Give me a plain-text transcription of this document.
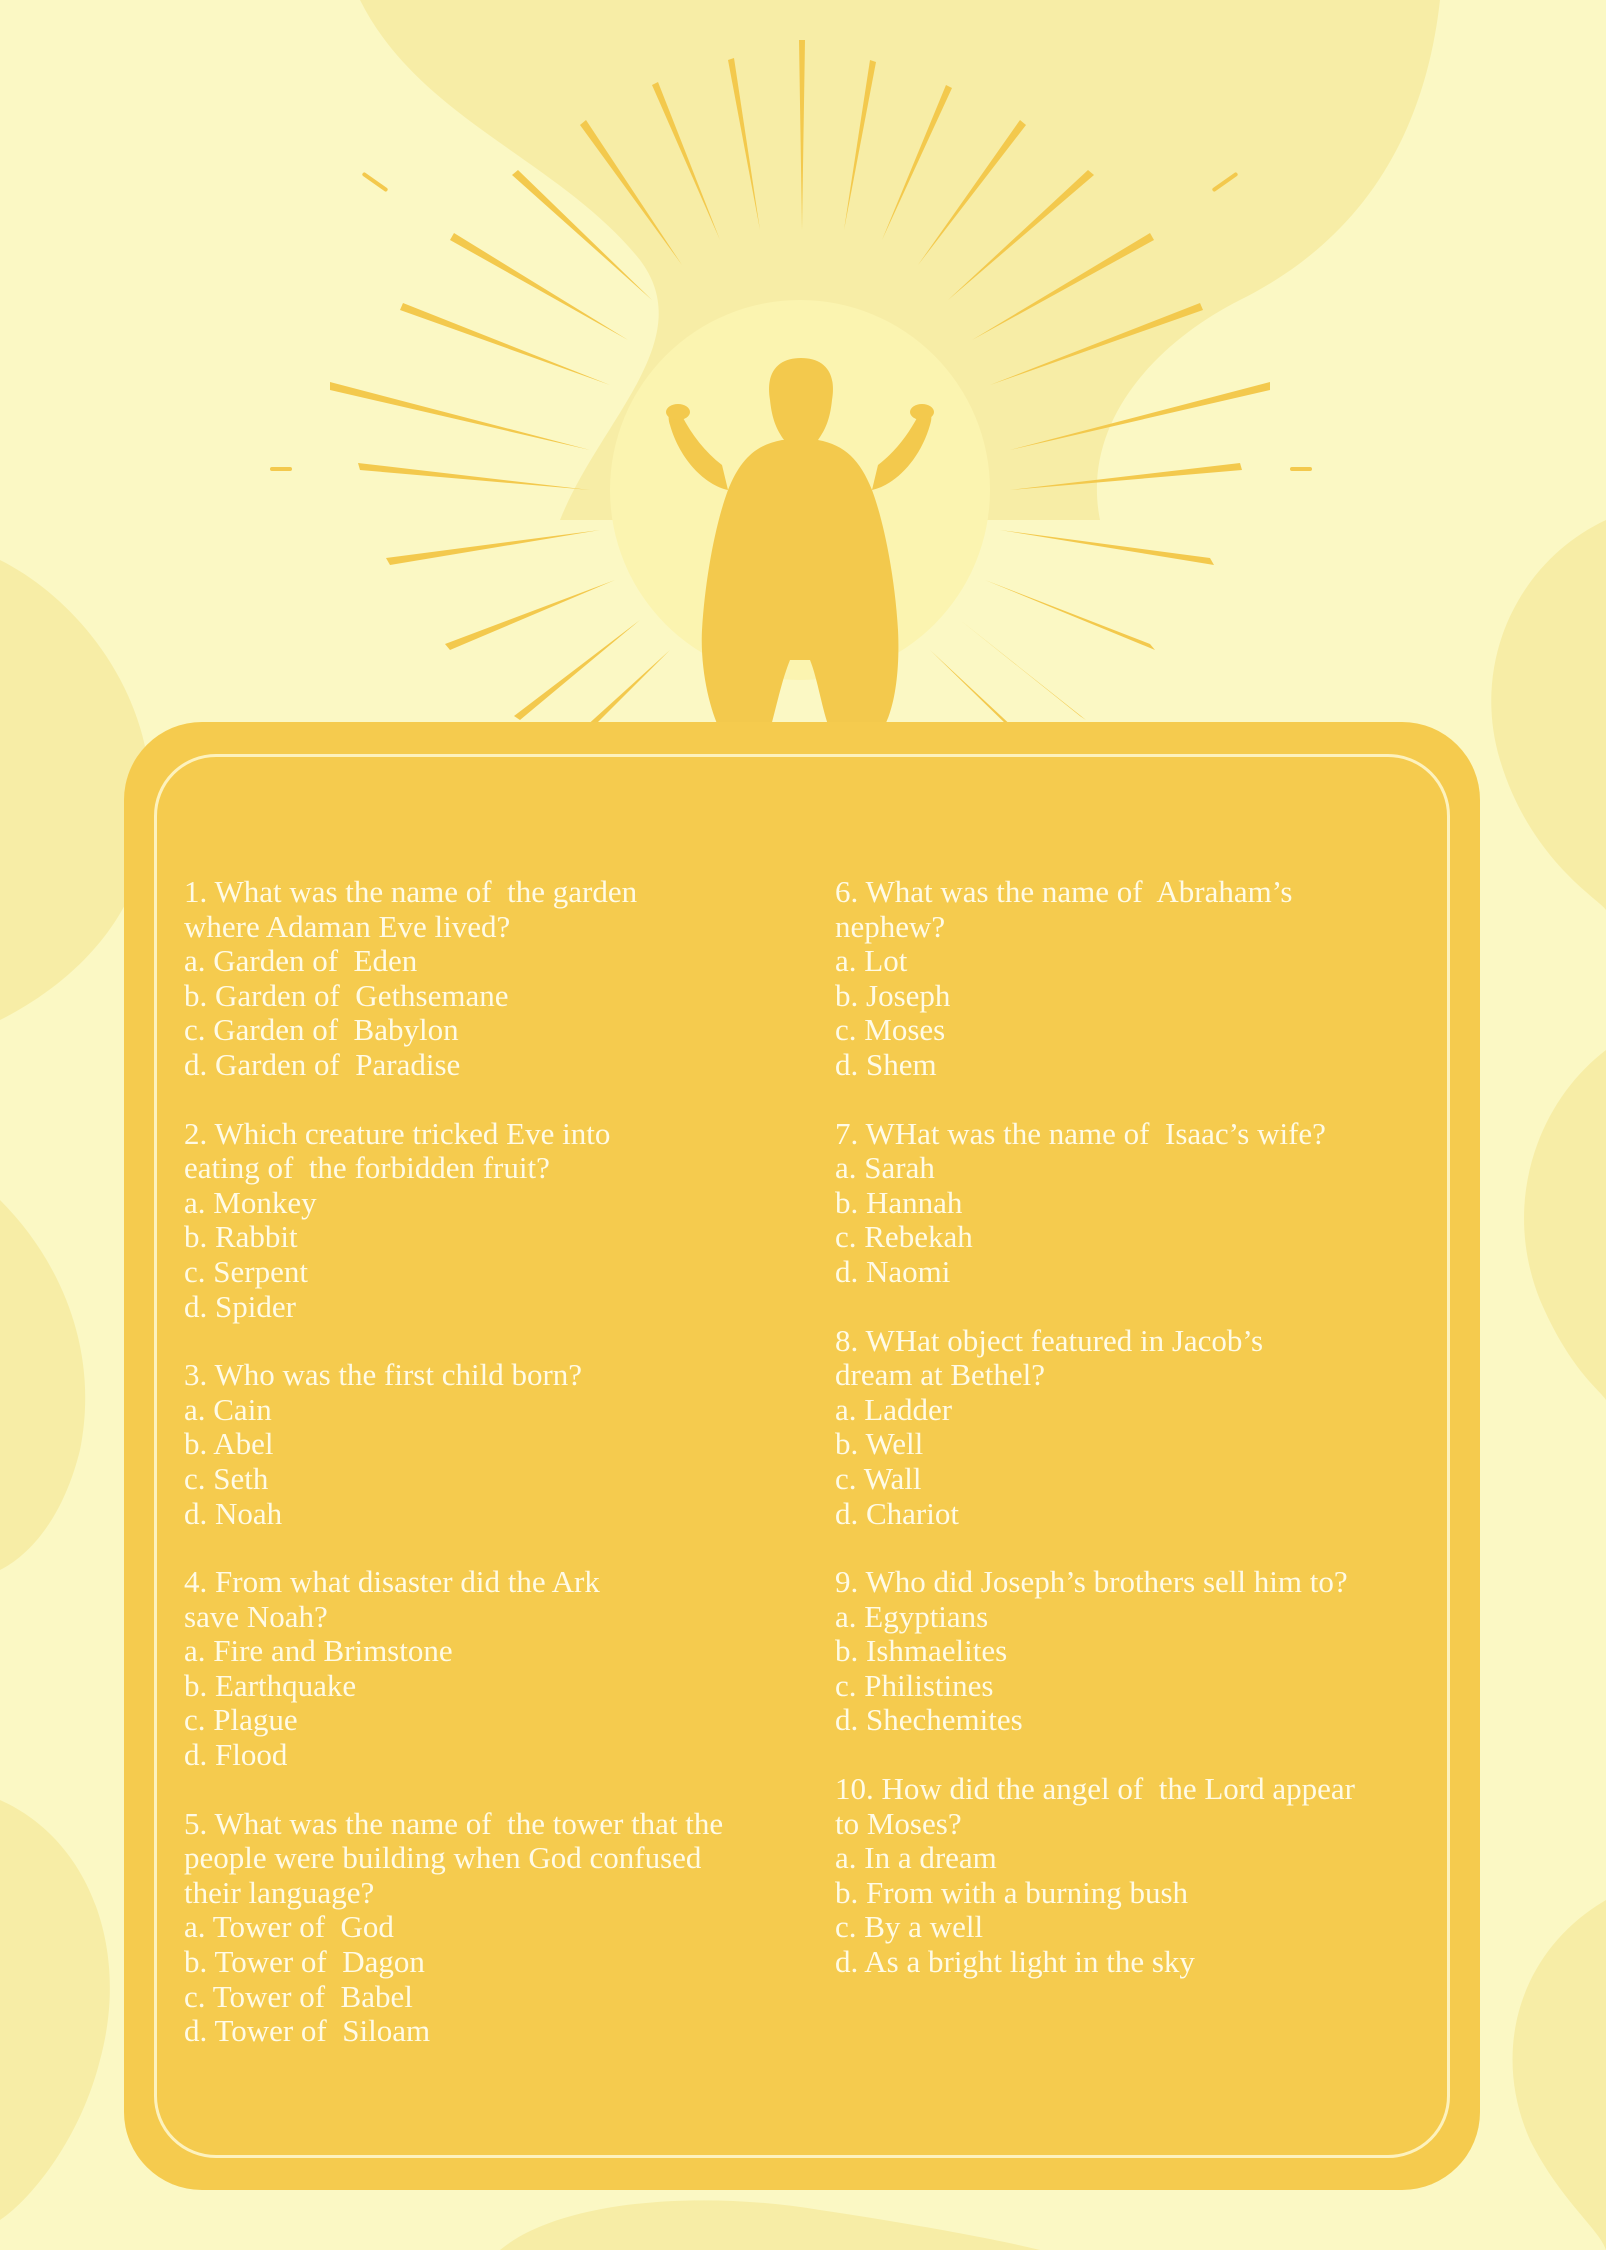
1. What was the name of  the garden
where Adaman Eve lived?
a. Garden of  Eden
b. Garden of  Gethsemane
c. Garden of  Babylon
d. Garden of  Paradise
2. Which creature tricked Eve into
eating of  the forbidden fruit?
a. Monkey
b. Rabbit
c. Serpent
d. Spider
3. Who was the first child born?
a. Cain
b. Abel
c. Seth
d. Noah
4. From what disaster did the Ark
save Noah?
a. Fire and Brimstone
b. Earthquake
c. Plague
d. Flood
5. What was the name of  the tower that the
people were building when God confused
their language?
a. Tower of  God
b. Tower of  Dagon
c. Tower of  Babel
d. Tower of  Siloam
6. What was the name of  Abraham’s
nephew?
a. Lot
b. Joseph
c. Moses
d. Shem
7. WHat was the name of  Isaac’s wife?
a. Sarah
b. Hannah
c. Rebekah
d. Naomi
8. WHat object featured in Jacob’s
dream at Bethel?
a. Ladder
b. Well
c. Wall
d. Chariot
9. Who did Joseph’s brothers sell him to?
a. Egyptians
b. Ishmaelites
c. Philistines
d. Shechemites
10. How did the angel of  the Lord appear
to Moses?
a. In a dream
b. From with a burning bush
c. By a well
d. As a bright light in the sky
